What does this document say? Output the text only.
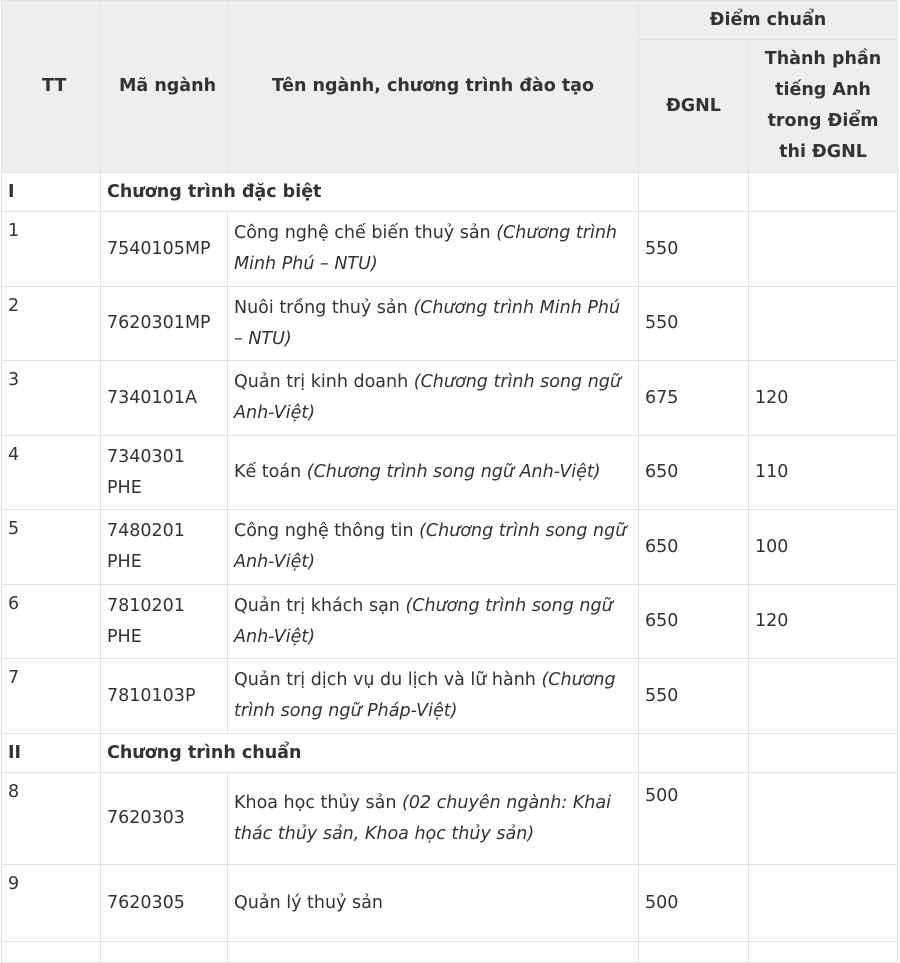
TT	Mã ngành	Tên ngành, chương trình đào tạo	Điểm chuẩn	
			ĐGNL	Thành phần tiếng Anh trong Điểm thi ĐGNL
I	Chương trình đặc biệt			
1	7540105MP	Công nghệ chế biến thuỷ sản (Chương trình Minh Phú – NTU)	550	
2	7620301MP	Nuôi trồng thuỷ sản (Chương trình Minh Phú – NTU)	550	
3	7340101A	Quản trị kinh doanh (Chương trình song ngữ Anh-Việt)	675	120
4	7340301 PHE	Kế toán (Chương trình song ngữ Anh-Việt)	650	110
5	7480201 PHE	Công nghệ thông tin (Chương trình song ngữ Anh-Việt)	650	100
6	7810201 PHE	Quản trị khách sạn (Chương trình song ngữ Anh-Việt)	650	120
7	7810103P	Quản trị dịch vụ du lịch và lữ hành (Chương trình song ngữ Pháp-Việt)	550	
II	Chương trình chuẩn			
8	7620303	Khoa học thủy sản (02 chuyên ngành: Khai thác thủy sản, Khoa học thủy sản)	500	
9	7620305	Quản lý thuỷ sản	500	
